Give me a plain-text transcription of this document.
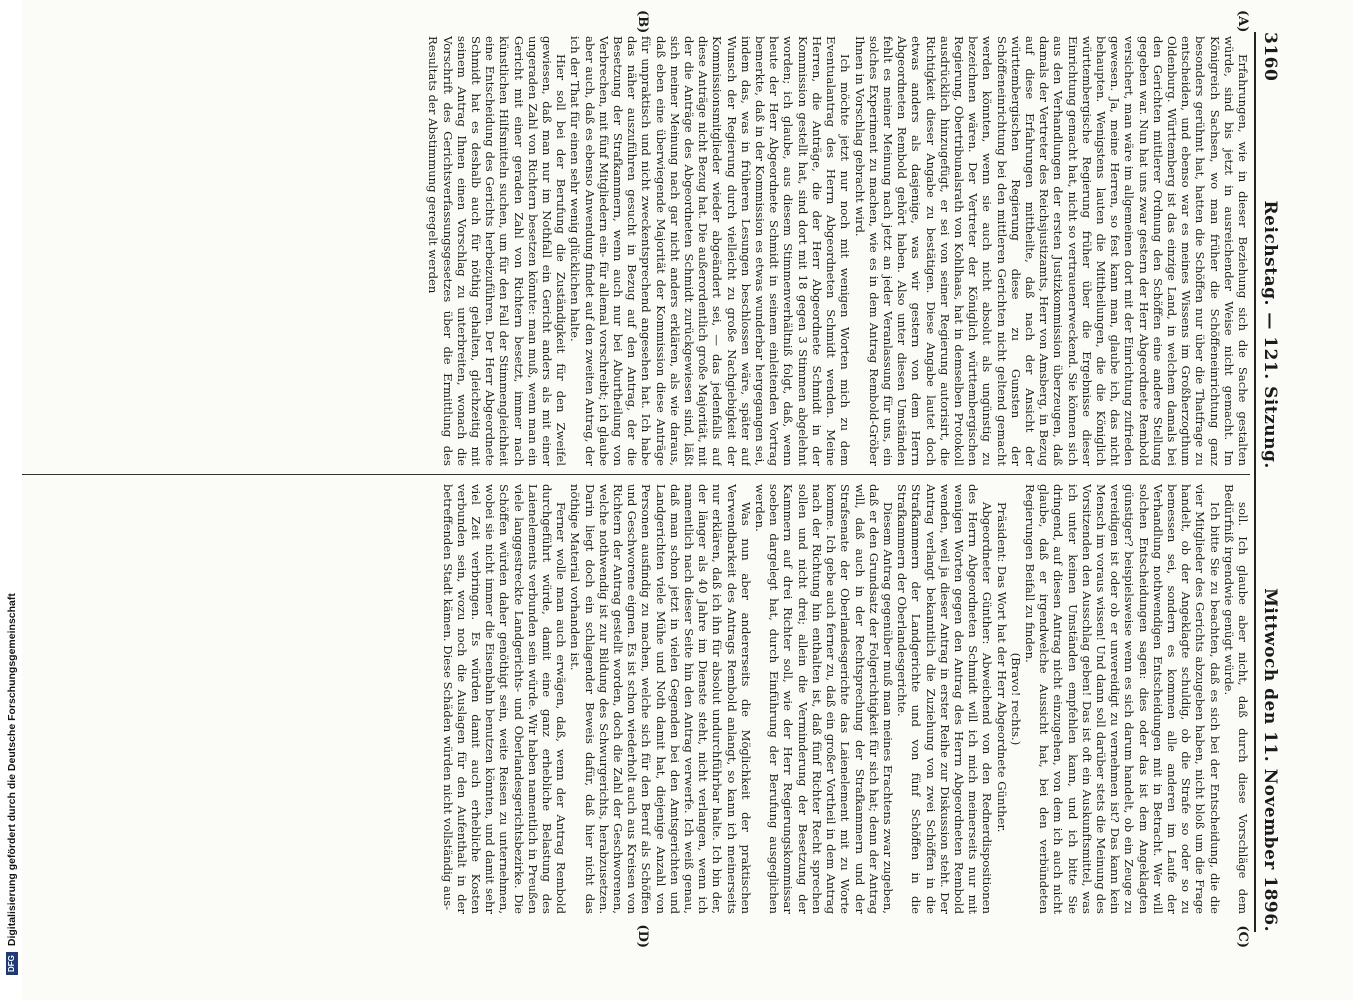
3160
Reichstag. — 121. Sitzung.
Mittwoch den 11. November 1896.
(A)
(B)
(C)
(D)

Erfahrungen, wie in dieser Beziehung sich die Sache gestalten würde, sind bis jetzt in ausreichender Weise nicht gemacht. Im Königreich Sachsen, wo man früher die Schöffeneinrichtung ganz besonders gerühmt hat, hatten die Schöffen nur über die Thatfrage zu entscheiden, und ebenso war es meines Wissens im Großherzogthum Oldenburg. Württemberg ist das einzige Land, in welchem damals bei den Gerichten mittlerer Ordnung den Schöffen eine andere Stellung gegeben war. Nun hat uns zwar gestern der Herr Abgeordnete Rembold versichert, man wäre im allgemeinen dort mit der Einrichtung zufrieden gewesen. Ja, meine Herren, so fest kann man, glaube ich, das nicht behaupten. Wenigstens lauten die Mittheilungen, die die Königlich württembergische Regierung früher über die Ergebnisse dieser Einrichtung gemacht hat, nicht so vertrauenerweckend. Sie können sich aus den Verhandlungen der ersten Justizkommission überzeugen, daß damals der Vertreter des Reichsjustizamts, Herr von Amsberg, in Bezug auf diese Erfahrungen mittheilte, daß nach der Ansicht der württembergischen Regierung diese zu Gunsten der Schöffeneinrichtung bei den mittleren Gerichten nicht geltend gemacht werden könnten, wenn sie auch nicht absolut als ungünstig zu bezeichnen wären. Der Vertreter der Königlich württembergischen Regierung, Obertribunalsrath von Kohlhaas, hat in demselben Protokoll ausdrücklich hinzugefügt, er sei von seiner Regierung autorisirt, die Richtigkeit dieser Angabe zu bestätigen. Diese Angabe lautet doch etwas anders als dasjenige, was wir gestern von dem Herrn Abgeordneten Rembold gehört haben. Also unter diesen Umständen fehlt es meiner Meinung nach jetzt an jeder Veranlassung für uns, ein solches Experiment zu machen, wie es in dem Antrag Rembold-Gröber Ihnen in Vorschlag gebracht wird.

Ich möchte jetzt nur noch mit wenigen Worten mich zu dem Eventualantrag des Herrn Abgeordneten Schmidt wenden. Meine Herren, die Anträge, die der Herr Abgeordnete Schmidt in der Kommission gestellt hat, sind dort mit 18 gegen 3 Stimmen abgelehnt worden; ich glaube, aus diesem Stimmenverhältniß folgt, daß, wenn heute der Herr Abgeordnete Schmidt in seinem einleitenden Vortrag bemerkte, daß in der Kommission es etwas wunderbar hergegangen sei, indem das, was in früheren Lesungen beschlossen wäre, später auf Wunsch der Regierung durch vielleicht zu große Nachgiebigkeit der Kommissionsmitglieder wieder abgeändert sei, — das jedenfalls auf diese Anträge nicht Bezug hat. Die außerordentlich große Majorität, mit der die Anträge des Abgeordneten Schmidt zurückgewiesen sind, läßt sich meiner Meinung nach gar nicht anders erklären, als wie daraus, daß eben eine überwiegende Majorität der Kommission diese Anträge für unpraktisch und nicht zweckentsprechend angesehen hat. Ich habe das näher auszuführen gesucht in Bezug auf den Antrag, der die Besetzung der Strafkammern, wenn auch nur bei Aburtheilung von Verbrechen, mit fünf Mitgliedern ein- für allemal vorschreibt; ich glaube aber auch, daß es ebenso Anwendung findet auf den zweiten Antrag, der ich der That für einen sehr wenig glücklichen halte.

Hier soll bei der Berufung die Zuständigkeit für den Zweifel gewiesen, daß man nur im Nothfall ein Gericht anders als mit einer ungeraden Zahl von Richtern besetzen könnte: man muß, wenn man ein Gericht mit einer geraden Zahl von Richtern besetzt, immer nach künstlichen Hilfsmitteln suchen, um für den Fall der Stimmengleichheit eine Entscheidung des Gerichts herbeizuführen. Der Herr Abgeordnete Schmidt hat es deshalb auch für nöthig gehalten, gleichzeitig mit seinem Antrag Ihnen einen Vorschlag zu unterbreiten, wonach die Vorschrift des Gerichtsverfassungsgesetzes über die Ermittlung des Resultats der Abstimmung geregelt werden

soll. Ich glaube aber nicht, daß durch diese Vorschläge dem Bedürfniß irgendwie genügt würde.

Ich bitte Sie zu beachten, daß es sich bei der Entscheidung, die die vier Mitglieder des Gerichts abzugeben haben, nicht bloß um die Frage handelt, ob der Angeklagte schuldig, ob die Strafe so oder so zu bemessen sei, sondern es kommen alle anderen im Laufe der Verhandlung nothwendigen Entscheidungen mit in Betracht. Wer will solchen Entscheidungen sagen: dies oder das ist dem Angeklagten günstiger? beispielsweise wenn es sich darum handelt, ob ein Zeuge zu vereidigen ist oder ob er unvereidigt zu vernehmen ist? Das kann kein Mensch im voraus wissen! Und dann soll darüber stets die Meinung des Vorsitzenden den Ausschlag geben! Das ist oft ein Auskunftsmittel, was ich unter keinen Umständen empfehlen kann, und ich bitte Sie dringend, auf diesen Antrag nicht einzugehen, von dem ich auch nicht glaube, daß er irgendwelche Aussicht hat, bei den verbündeten Regierungen Beifall zu finden.

(Bravo! rechts.)

Präsident: Das Wort hat der Herr Abgeordnete Günther.

Abgeordneter Günther: Abweichend von den Rednerdispositionen des Herrn Abgeordneten Schmidt will ich mich meinerseits nur mit wenigen Worten gegen den Antrag des Herrn Abgeordneten Rembold wenden, weil ja dieser Antrag in erster Reihe zur Diskussion steht. Der Antrag verlangt bekanntlich die Zuziehung von zwei Schöffen in die Strafkammern der Landgerichte und von fünf Schöffen in die Strafkammern der Oberlandesgerichte.

Diesem Antrag gegenüber muß man meines Erachtens zwar zugeben, daß er den Grundsatz der Folgerichtigkeit für sich hat; denn der Antrag will, daß auch in der Rechtsprechung der Strafkammern und der Strafsenate der Oberlandesgerichte das Laienelement mit zu Worte komme. Ich gebe auch ferner zu, daß ein großer Vortheil in dem Antrag nach der Richtung hin enthalten ist, daß fünf Richter Recht sprechen sollen und nicht drei; allein die Verminderung der Besetzung der Kammern auf drei Richter soll, wie der Herr Regierungskommissar soeben dargelegt hat, durch Einführung der Berufung ausgeglichen werden.

Was nun aber andererseits die Möglichkeit der praktischen Verwendbarkeit des Antrags Rembold anlangt, so kann ich meinerseits nur erklären, daß ich ihn für absolut undurchführbar halte. Ich bin der, der länger als 40 Jahre im Dienste steht, nicht verlangen, wenn ich namentlich nach dieser Seite hin den Antrag verwerfe. Ich weiß genau, daß man schon jetzt in vielen Gegenden bei den Amtsgerichten und Landgerichten viele Mühe und Noth damit hat, diejenige Anzahl von Personen ausfindig zu machen, welche sich für den Beruf als Schöffen und Geschworene eignen. Es ist schon wiederholt auch aus Kreisen von Richtern der Antrag gestellt worden, doch die Zahl der Geschworenen, welche nothwendig ist zur Bildung des Schwurgerichts, herabzusetzen. Darin liegt doch ein schlagender Beweis dafür, daß hier nicht das nöthige Material vorhanden ist.

Ferner wolle man auch erwägen, daß, wenn der Antrag Rembold durchgeführt würde, damit eine ganz erhebliche Belastung des Laienelements verbunden sein würde. Wir haben namentlich in Preußen viele langgestreckte Landgerichts- und Oberlandesgerichtsbezirke. Die Schöffen würden daher genöthigt sein, weite Reisen zu unternehmen, wobei sie nicht immer die Eisenbahn benutzen könnten, und damit sehr viel Zeit verbringen. Es würden damit auch erhebliche Kosten verbunden sein, wozu noch die Auslagen für den Aufenthalt in der betreffenden Stadt kämen. Diese Schäden würden nicht vollständig aus-

DFG
Digitalisierung gefördert durch die Deutsche Forschungsgemeinschaft
